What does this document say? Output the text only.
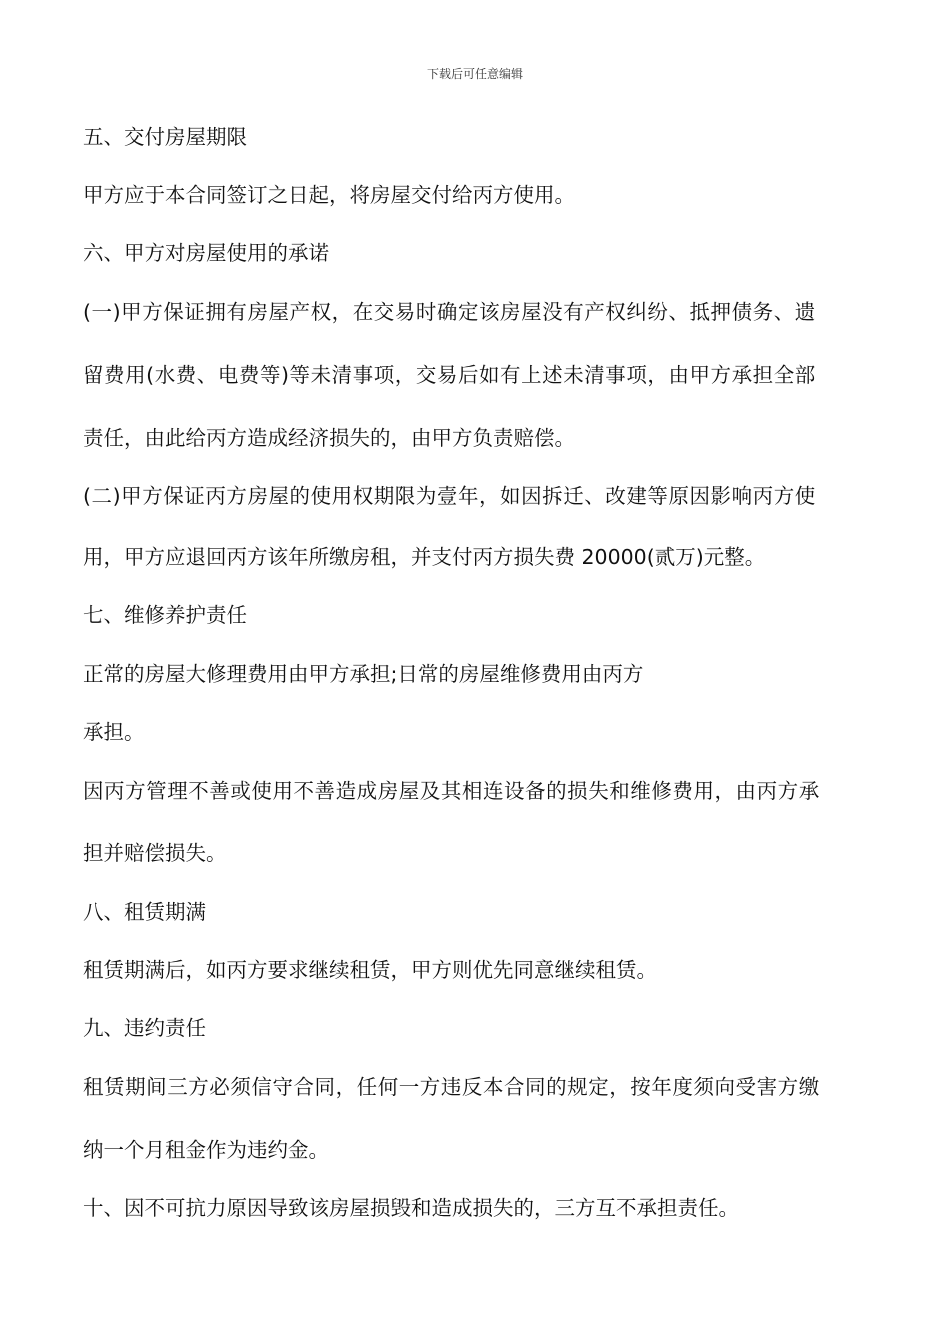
下载后可任意编辑
五、交付房屋期限
甲方应于本合同签订之日起，将房屋交付给丙方使用。
六、甲方对房屋使用的承诺
(一)甲方保证拥有房屋产权，在交易时确定该房屋没有产权纠纷、抵押债务、遗
留费用(水费、电费等)等未清事项，交易后如有上述未清事项，由甲方承担全部
责任，由此给丙方造成经济损失的，由甲方负责赔偿。
(二)甲方保证丙方房屋的使用权期限为壹年，如因拆迁、改建等原因影响丙方使
用，甲方应退回丙方该年所缴房租，并支付丙方损失费 20000(贰万)元整。
七、维修养护责任
正常的房屋大修理费用由甲方承担;日常的房屋维修费用由丙方
承担。
因丙方管理不善或使用不善造成房屋及其相连设备的损失和维修费用，由丙方承
担并赔偿损失。
八、租赁期满
租赁期满后，如丙方要求继续租赁，甲方则优先同意继续租赁。
九、违约责任
租赁期间三方必须信守合同，任何一方违反本合同的规定，按年度须向受害方缴
纳一个月租金作为违约金。
十、因不可抗力原因导致该房屋损毁和造成损失的，三方互不承担责任。
